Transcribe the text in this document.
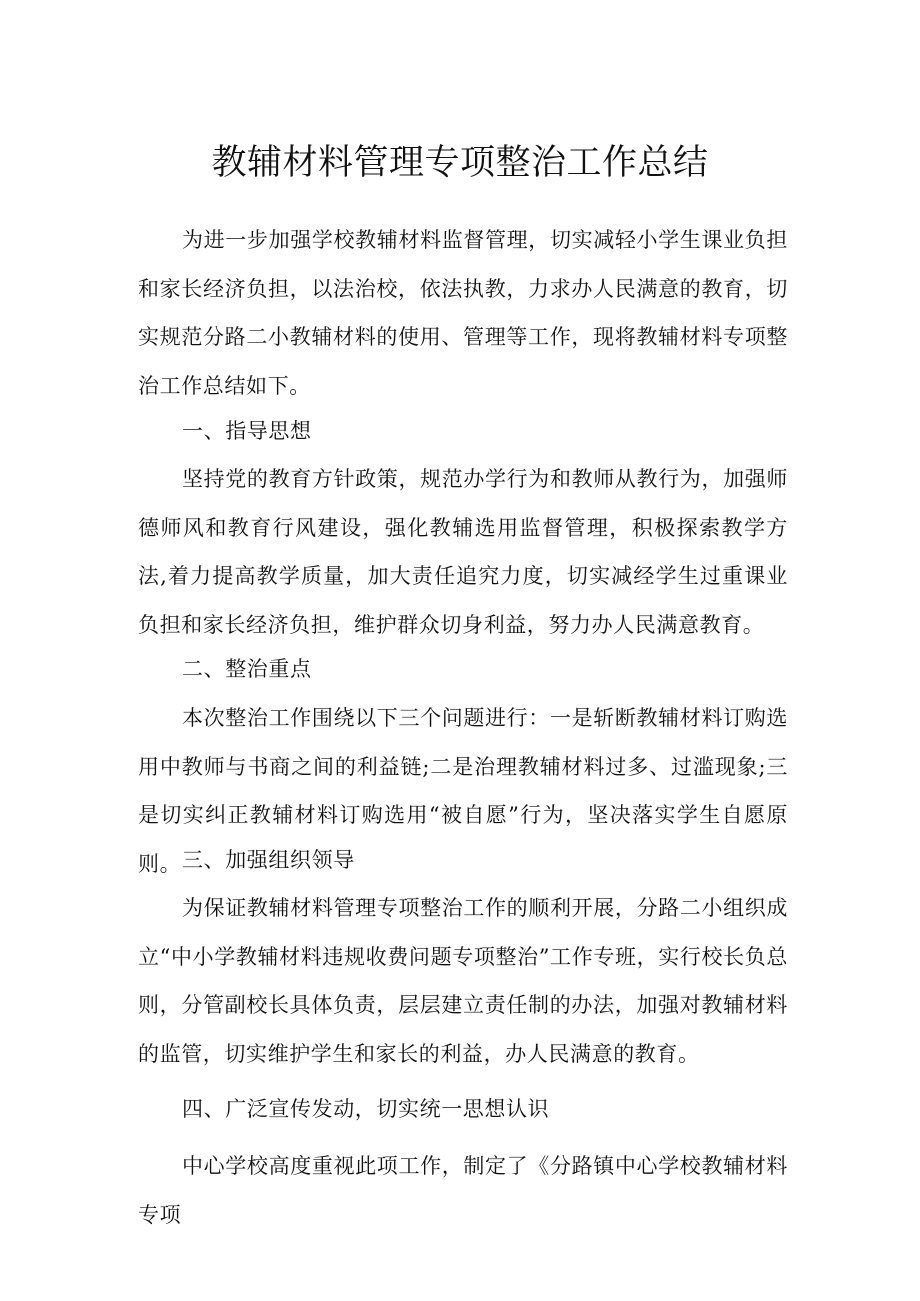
教辅材料管理专项整治工作总结

为进一步加强学校教辅材料监督管理，切实减轻小学生课业负担和家长经济负担，以法治校，依法执教，力求办人民满意的教育，切实规范分路二小教辅材料的使用、管理等工作，现将教辅材料专项整治工作总结如下。

一、指导思想

坚持党的教育方针政策，规范办学行为和教师从教行为，加强师德师风和教育行风建设，强化教辅选用监督管理，积极探索教学方法,着力提高教学质量，加大责任追究力度，切实减经学生过重课业负担和家长经济负担，维护群众切身利益，努力办人民满意教育。

二、整治重点

本次整治工作围绕以下三个问题进行：一是斩断教辅材料订购选用中教师与书商之间的利益链;二是治理教辅材料过多、过滥现象;三是切实纠正教辅材料订购选用“被自愿”行为，坚决落实学生自愿原则。 三、加强组织领导

为保证教辅材料管理专项整治工作的顺利开展，分路二小组织成立“中小学教辅材料违规收费问题专项整治”工作专班，实行校长负总则，分管副校长具体负责，层层建立责任制的办法，加强对教辅材料的监管，切实维护学生和家长的利益，办人民满意的教育。

四、广泛宣传发动，切实统一思想认识

中心学校高度重视此项工作，制定了《分路镇中心学校教辅材料专项
